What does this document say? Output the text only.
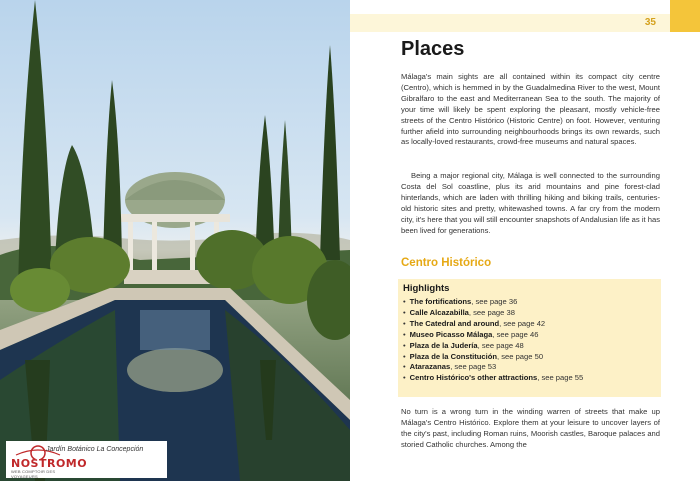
NOSTROMO
WEB COMPTOIR DES VOYAGEURS
Jardín Botánico La Concepción
35
Places

Málaga's main sights are all contained within its compact city centre (Centro), which is hemmed in by the Guadalmedina River to the west, Mount Gibralfaro to the east and Mediterranean Sea to the south. The majority of your time will likely be spent exploring the pleasant, mostly vehicle-free streets of the Centro Histórico (Historic Centre) on foot. However, venturing further afield into surrounding neighbourhoods brings its own rewards, such as locally-loved restaurants, crowd-free museums and natural spaces.

Being a major regional city, Málaga is well connected to the surrounding Costa del Sol coastline, plus its arid mountains and pine forest-clad hinterlands, which are laden with thrilling hiking and biking trails, centuries-old historic sites and pretty, whitewashed towns. A far cry from the modern city, it's here that you will still encounter snapshots of Andalusian life as it has been lived for generations.

Centro Histórico
Highlights
• The fortifications, see page 36
• Calle Alcazabilla, see page 38
• The Catedral and around, see page 42
• Museo Picasso Málaga, see page 46
• Plaza de la Judería, see page 48
• Plaza de la Constitución, see page 50
• Atarazanas, see page 53
• Centro Histórico's other attractions, see page 55

No turn is a wrong turn in the winding warren of streets that make up Málaga's Centro Histórico. Explore them at your leisure to uncover layers of the city's past, including Roman ruins, Moorish castles, Baroque palaces and storied Catholic churches. Among the
